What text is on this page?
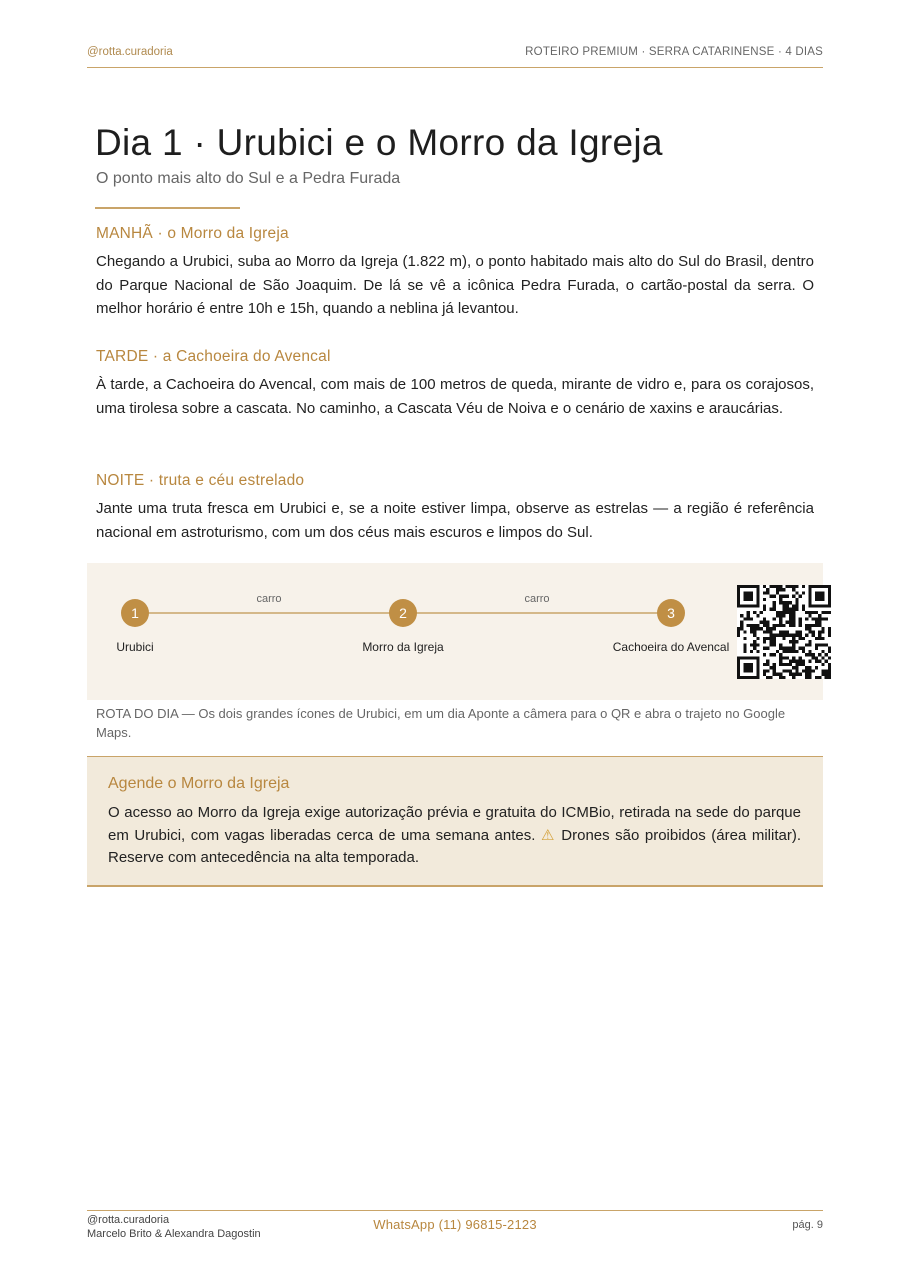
@rotta.curadoria	ROTEIRO PREMIUM · SERRA CATARINENSE · 4 DIAS
Dia 1 · Urubici e o Morro da Igreja

O ponto mais alto do Sul e a Pedra Furada

MANHÃ · o Morro da Igreja

Chegando a Urubici, suba ao Morro da Igreja (1.822 m), o ponto habitado mais alto do Sul do Brasil, dentro do Parque Nacional de São Joaquim. De lá se vê a icônica Pedra Furada, o cartão-postal da serra. O melhor horário é entre 10h e 15h, quando a neblina já levantou.

TARDE · a Cachoeira do Avencal

À tarde, a Cachoeira do Avencal, com mais de 100 metros de queda, mirante de vidro e, para os corajosos, uma tirolesa sobre a cascata. No caminho, a Cascata Véu de Noiva e o cenário de xaxins e araucárias.

NOITE · truta e céu estrelado

Jante uma truta fresca em Urubici e, se a noite estiver limpa, observe as estrelas — a região é referência nacional em astroturismo, com um dos céus mais escuros e limpos do Sul.

carro	carro
1
Urubici
2
Morro da Igreja
3
Cachoeira do Avencal

ROTA DO DIA — Os dois grandes ícones de Urubici, em um dia Aponte a câmera para o QR e abra o trajeto no Google Maps.

Agende o Morro da Igreja

O acesso ao Morro da Igreja exige autorização prévia e gratuita do ICMBio, retirada na sede do parque em Urubici, com vagas liberadas cerca de uma semana antes. ⚠ Drones são proibidos (área militar). Reserve com antecedência na alta temporada.

@rotta.curadoria
Marcelo Brito & Alexandra Dagostin
WhatsApp (11) 96815-2123	pág. 9
